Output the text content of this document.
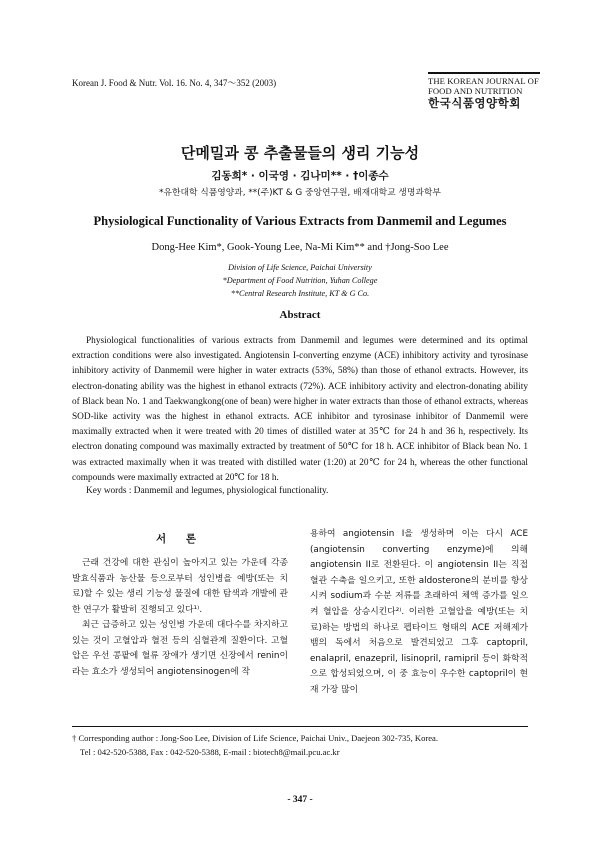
Korean J. Food & Nutr. Vol. 16. No. 4, 347～352 (2003)	THE KOREAN JOURNAL OF
FOOD AND NUTRITION
한국식품영양학회
단메밀과 콩 추출물들의 생리 기능성
김동희* · 이국영 · 김나미** · †이종수
*유한대학 식품영양과, **(주)KT & G 중앙연구원, 배재대학교 생명과학부
Physiological Functionality of Various Extracts from Danmemil and Legumes
Dong-Hee Kim*, Gook-Young Lee, Na-Mi Kim** and †Jong-Soo Lee
Division of Life Science, Paichai University
*Department of Food Nutrition, Yuhan College
**Central Research Institute, KT & G Co.
Abstract

Physiological functionalities of various extracts from Danmemil and legumes were determined and its optimal extraction conditions were also investigated. Angiotensin I-converting enzyme (ACE) inhibitory activity and tyrosinase inhibitory activity of Danmemil were higher in water extracts (53%, 58%) than those of ethanol extracts. However, its electron-donating ability was the highest in ethanol extracts (72%). ACE inhibitory activity and electron-donating ability of Black bean No. 1 and Taekwangkong(one of bean) were higher in water extracts than those of ethanol extracts, whereas SOD-like activity was the highest in ethanol extracts. ACE inhibitor and tyrosinase inhibitor of Danmemil were maximally extracted when it were treated with 20 times of distilled water at 35℃ for 24 h and 36 h, respectively. Its electron donating compound was maximally extracted by treatment of 50℃ for 18 h. ACE inhibitor of Black bean No. 1 was extracted maximally when it was treated with distilled water (1:20) at 20℃ for 24 h, whereas the other functional compounds were maximally extracted at 20℃ for 18 h.

Key words : Danmemil and legumes, physiological functionality.
서 론

근래 건강에 대한 관심이 높아지고 있는 가운데 각종 발효식품과 농산물 등으로부터 성인병을 예방(또는 치료)할 수 있는 생리 기능성 물질에 대한 탐색과 개발에 관한 연구가 활발히 진행되고 있다¹⁾.

최근 급증하고 있는 성인병 가운데 대다수를 차지하고 있는 것이 고혈압과 혈전 등의 심혈관계 질환이다. 고혈압은 우선 콩팥에 혈류 장애가 생기면 신장에서 renin이라는 효소가 생성되어 angiotensinogen에 작

용하여 angiotensin I을 생성하며 이는 다시 ACE (angiotensin converting enzyme)에 의해 angiotensin II로 전환된다. 이 angiotensin II는 직접 혈관 수축을 일으키고, 또한 aldosterone의 분비를 항상시켜 sodium과 수분 저류를 초래하여 체액 증가를 일으켜 혈압을 상승시킨다²⁾. 이러한 고혈압을 예방(또는 치료)하는 방법의 하나로 펩타이드 형태의 ACE 저해제가 뱀의 독에서 처음으로 발견되었고 그후 captopril, enalapril, enazepril, lisinopril, ramipril 등이 화학적으로 합성되었으며, 이 중 효능이 우수한 captopril이 현재 가장 많이

† Corresponding author : Jong-Soo Lee, Division of Life Science, Paichai Univ., Daejeon 302-735, Korea.
Tel : 042-520-5388, Fax : 042-520-5388, E-mail : biotech8@mail.pcu.ac.kr
- 347 -
